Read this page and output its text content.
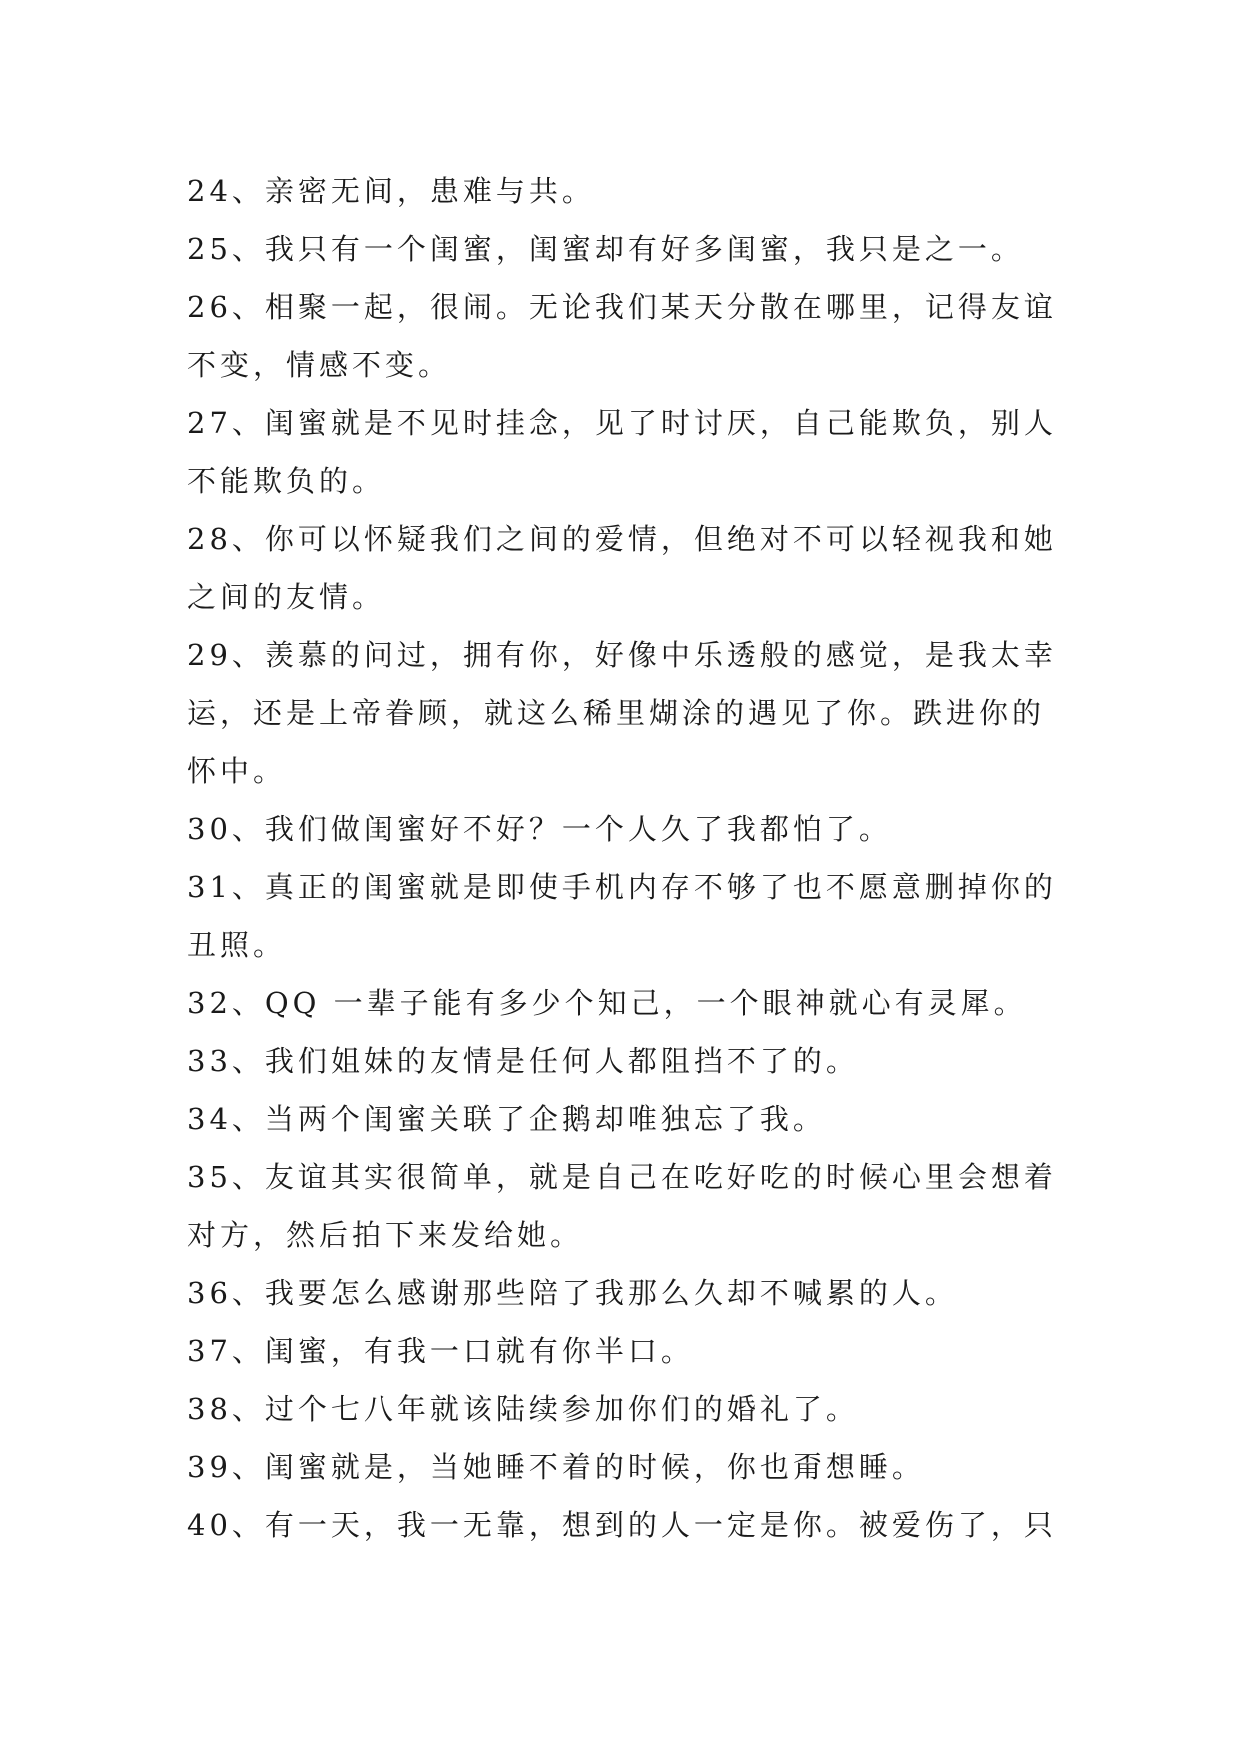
24、亲密无间，患难与共。
25、我只有一个闺蜜，闺蜜却有好多闺蜜，我只是之一。
26、相聚一起，很闹。无论我们某天分散在哪里，记得友谊
不变，情感不变。
27、闺蜜就是不见时挂念，见了时讨厌，自己能欺负，别人
不能欺负的。
28、你可以怀疑我们之间的爱情，但绝对不可以轻视我和她
之间的友情。
29、羡慕的问过，拥有你，好像中乐透般的感觉，是我太幸
运，还是上帝眷顾，就这么稀里煳涂的遇见了你。跌进你的
怀中。
30、我们做闺蜜好不好？一个人久了我都怕了。
31、真正的闺蜜就是即使手机内存不够了也不愿意删掉你的
丑照。
32、QQ 一辈子能有多少个知己，一个眼神就心有灵犀。
33、我们姐妹的友情是任何人都阻挡不了的。
34、当两个闺蜜关联了企鹅却唯独忘了我。
35、友谊其实很简单，就是自己在吃好吃的时候心里会想着
对方，然后拍下来发给她。
36、我要怎么感谢那些陪了我那么久却不喊累的人。
37、闺蜜，有我一口就有你半口。
38、过个七八年就该陆续参加你们的婚礼了。
39、闺蜜就是，当她睡不着的时候，你也甭想睡。
40、有一天，我一无靠，想到的人一定是你。被爱伤了，只
